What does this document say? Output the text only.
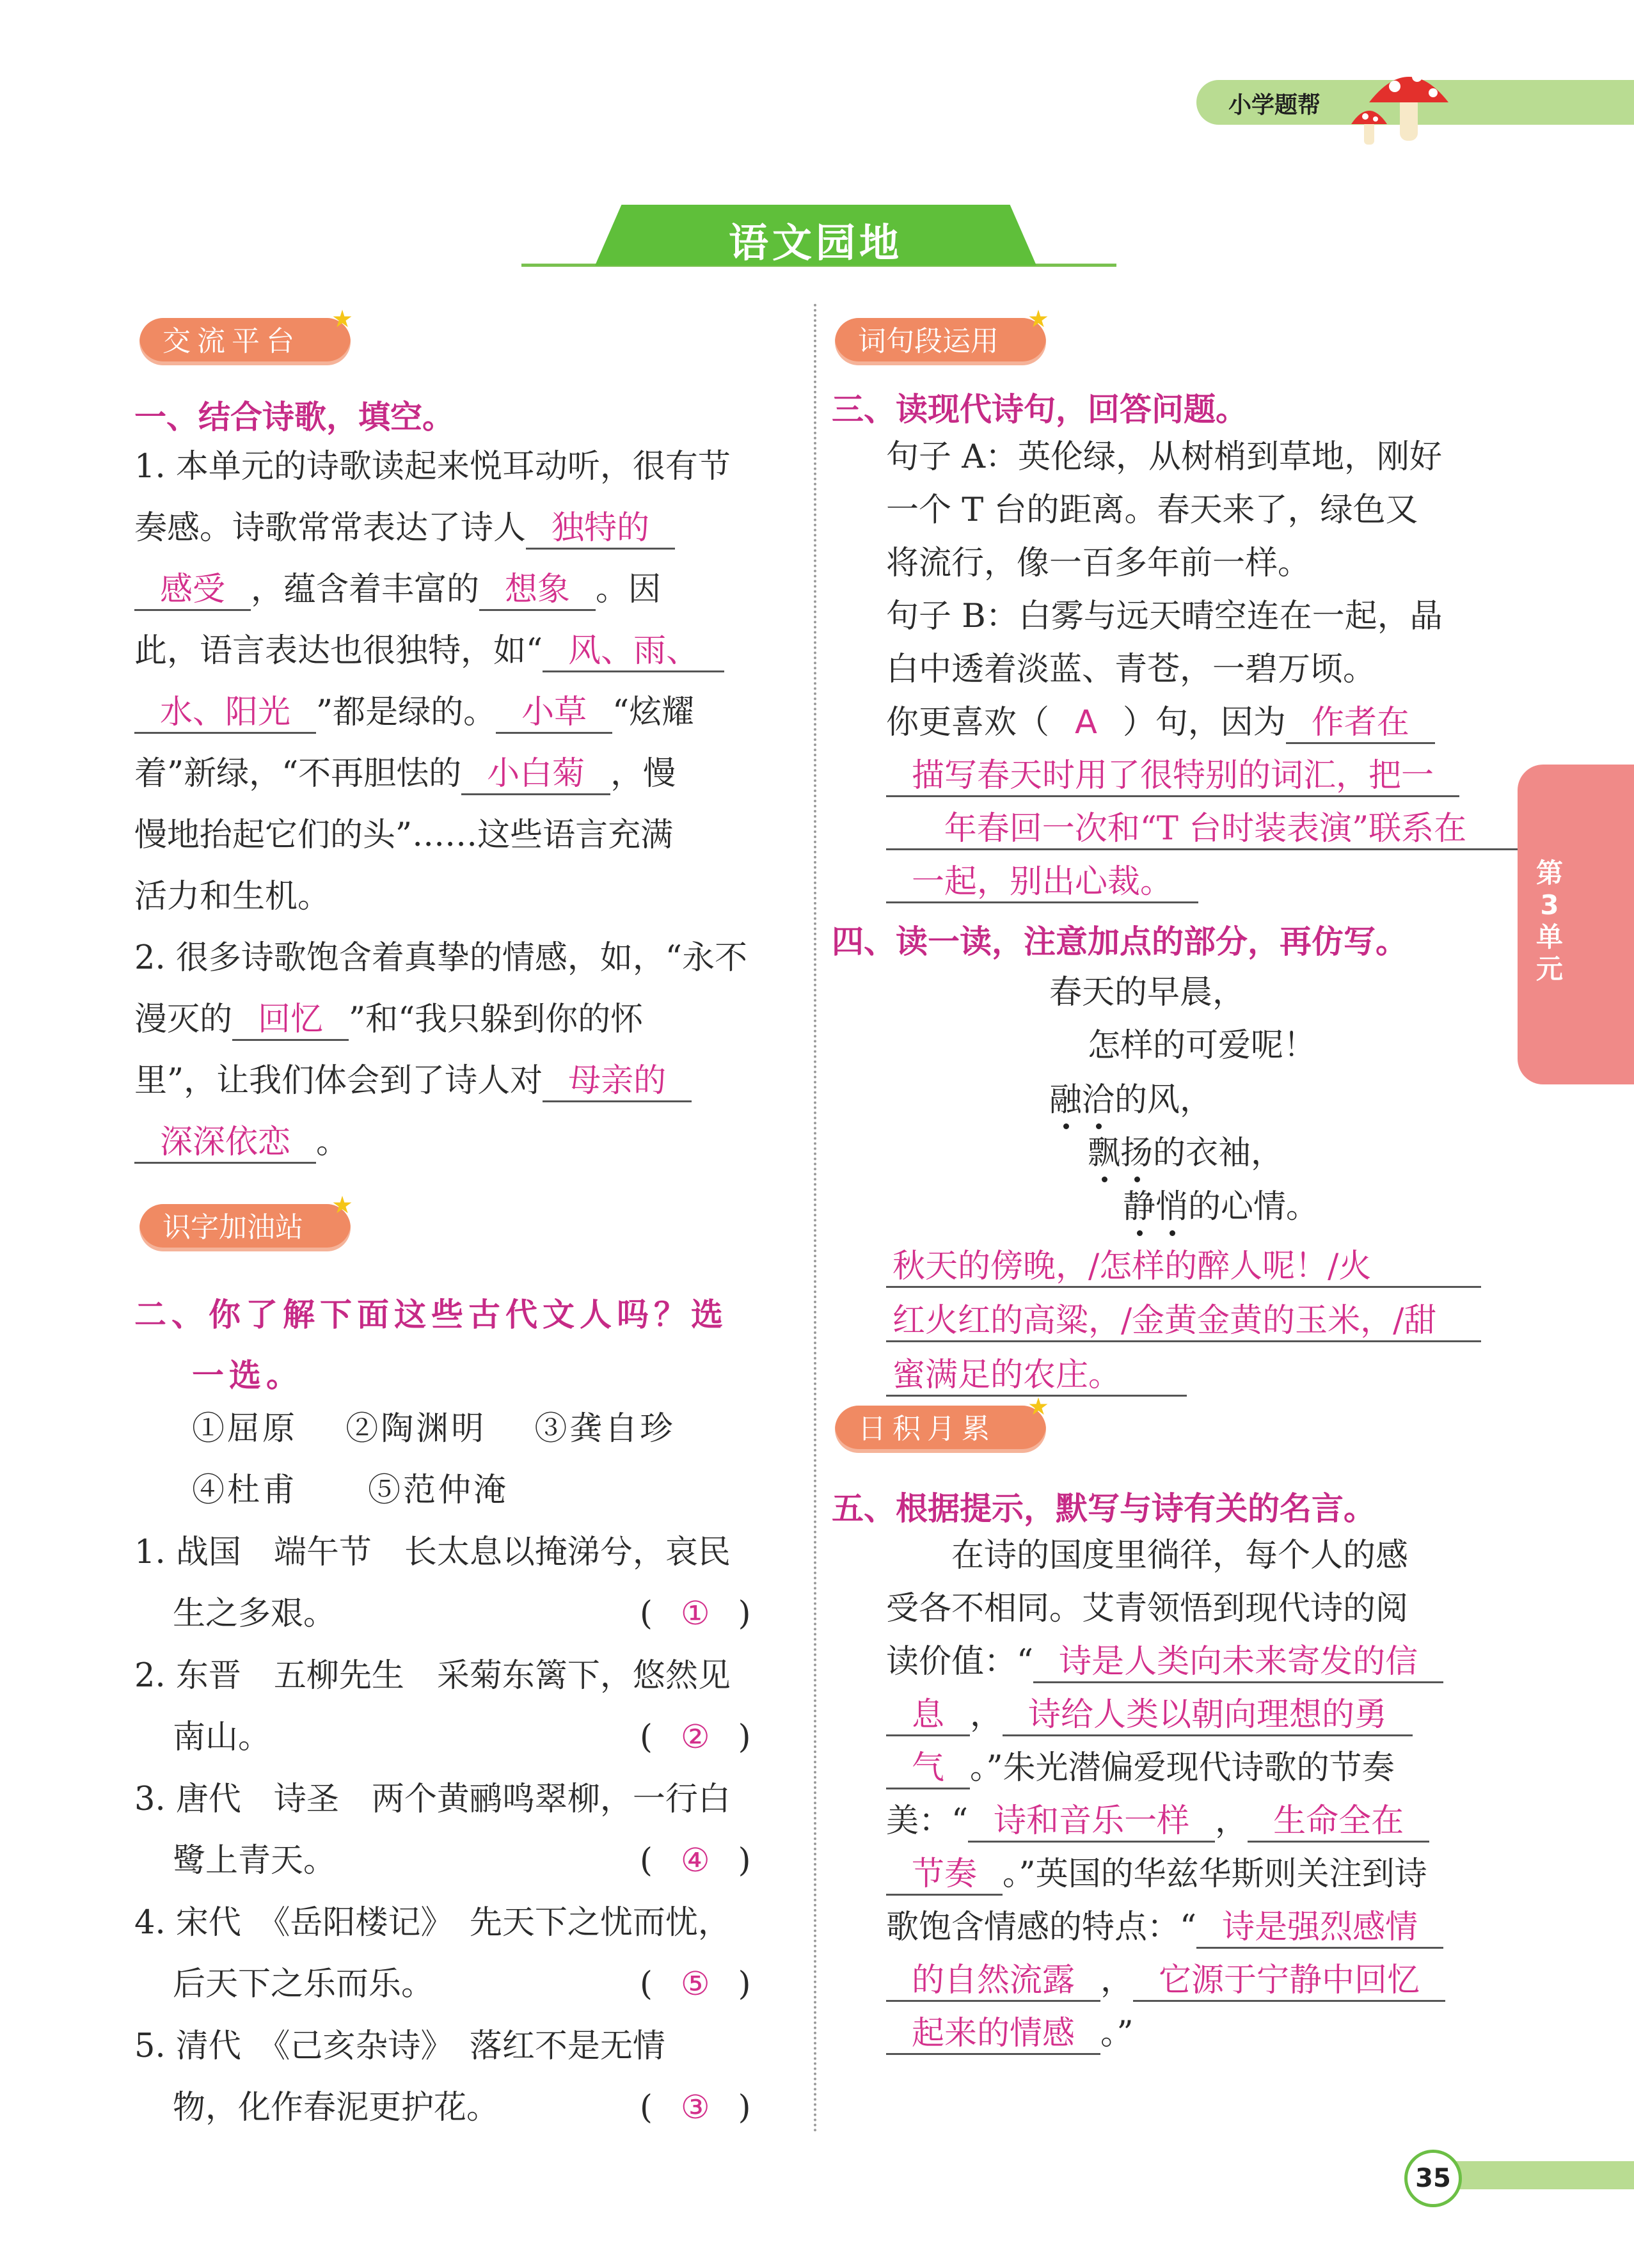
小学题帮
语文园地
交流平台
一、结合诗歌，填空。
1. 本单元的诗歌读起来悦耳动听，很有节
奏感。诗歌常常表达了诗人 独特的
感受 ，蕴含着丰富的 想象 。因
此，语言表达也很独特，如“ 风、雨、
水、阳光 ”都是绿的。 小草 “炫耀
着”新绿，“不再胆怯的 小白菊 ，慢
慢地抬起它们的头”……这些语言充满
活力和生机。
2. 很多诗歌饱含着真挚的情感，如，“永不
漫灭的 回忆 ”和“我只躲到你的怀
里”，让我们体会到了诗人对 母亲的
深深依恋 。
识字加油站
二、你了解下面这些古代文人吗？选
一选。
①屈原　 ②陶渊明　 ③龚自珍
④杜甫　　⑤范仲淹
1. 战国　端午节　长太息以掩涕兮，哀民
生之多艰。	( ① )
2. 东晋　五柳先生　采菊东篱下，悠然见
南山。	( ② )
3. 唐代　诗圣　两个黄鹂鸣翠柳，一行白
鹭上青天。	( ④ )
4. 宋代　《岳阳楼记》　先天下之忧而忧，
后天下之乐而乐。	( ⑤ )
5. 清代　《己亥杂诗》　落红不是无情
物，化作春泥更护花。	( ③ )
词句段运用
三、读现代诗句，回答问题。
句子 A：英伦绿，从树梢到草地，刚好
一个 T 台的距离。春天来了，绿色又
将流行，像一百多年前一样。
句子 B：白雾与远天晴空连在一起，晶
白中透着淡蓝、青苍，一碧万顷。
你更喜欢（ A ）句，因为 作者在
描写春天时用了很特别的词汇，把一
年春回一次和“T 台时装表演”联系在
一起，别出心裁。
四、读一读，注意加点的部分，再仿写。
春天的早晨，
怎样的可爱呢！
融洽的风，
飘扬的衣袖，
静悄的心情。
秋天的傍晚，/怎样的醉人呢！/火
红火红的高粱，/金黄金黄的玉米，/甜
蜜满足的农庄。
日积月累
五、根据提示，默写与诗有关的名言。
　　在诗的国度里徜徉，每个人的感
受各不相同。艾青领悟到现代诗的阅
读价值：“ 诗是人类向未来寄发的信
息 ， 诗给人类以朝向理想的勇
气 。”朱光潜偏爱现代诗歌的节奏
美：“ 诗和音乐一样 ， 生命全在
节奏 。”英国的华兹华斯则关注到诗
歌饱含情感的特点：“ 诗是强烈感情
的自然流露 ， 它源于宁静中回忆
起来的情感 。”
第
3
单
元
35
